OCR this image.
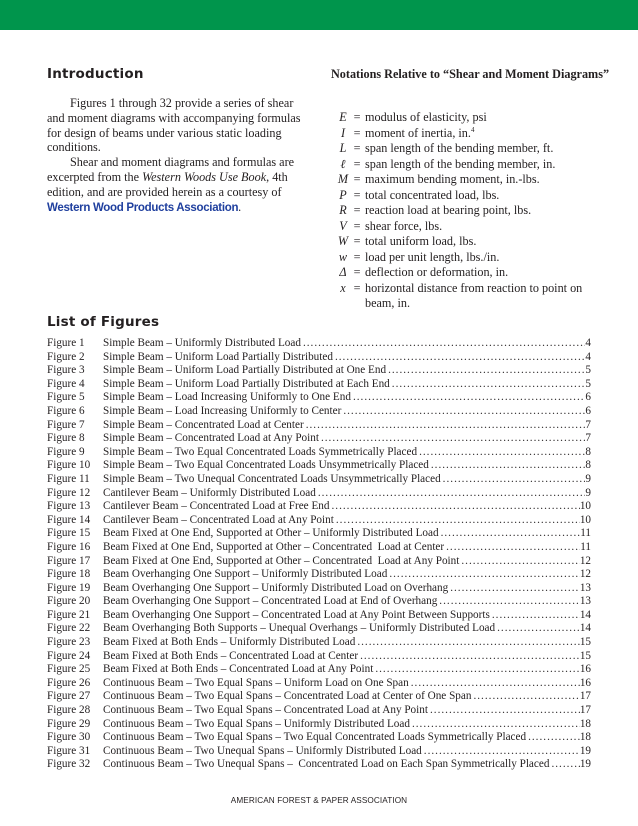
Introduction

Figures 1 through 32 provide a series of shear and moment diagrams with accompanying formulas for design of beams under various static loading conditions.

Shear and moment diagrams and formulas are excerpted from the Western Woods Use Book, 4th edition, and are provided herein as a courtesy of Western Wood Products Association.

Notations Relative to “Shear and Moment Diagrams”
E = modulus of elasticity, psi
I = moment of inertia, in.$^4$
L = span length of the bending member, ft.
ℓ = span length of the bending member, in.
M = maximum bending moment, in.-lbs.
P = total concentrated load, lbs.
R = reaction load at bearing point, lbs.
V = shear force, lbs.
W = total uniform load, lbs.
w = load per unit length, lbs./in.
Δ = deflection or deformation, in.
x = horizontal distance from reaction to point on beam, in.
List of Figures
Figure 1	Simple Beam – Uniformly Distributed Load .....	4
Figure 2	Simple Beam – Uniform Load Partially Distributed .....	4
Figure 3	Simple Beam – Uniform Load Partially Distributed at One End .....	5
Figure 4	Simple Beam – Uniform Load Partially Distributed at Each End .....	5
Figure 5	Simple Beam – Load Increasing Uniformly to One End .....	6
Figure 6	Simple Beam – Load Increasing Uniformly to Center .....	6
Figure 7	Simple Beam – Concentrated Load at Center .....	7
Figure 8	Simple Beam – Concentrated Load at Any Point .....	7
Figure 9	Simple Beam – Two Equal Concentrated Loads Symmetrically Placed .....	8
Figure 10	Simple Beam – Two Equal Concentrated Loads Unsymmetrically Placed .....	8
Figure 11	Simple Beam – Two Unequal Concentrated Loads Unsymmetrically Placed .....	9
Figure 12	Cantilever Beam – Uniformly Distributed Load .....	9
Figure 13	Cantilever Beam – Concentrated Load at Free End .....	10
Figure 14	Cantilever Beam – Concentrated Load at Any Point .....	10
Figure 15	Beam Fixed at One End, Supported at Other – Uniformly Distributed Load .....	11
Figure 16	Beam Fixed at One End, Supported at Other – Concentrated  Load at Center .....	11
Figure 17	Beam Fixed at One End, Supported at Other – Concentrated  Load at Any Point .....	12
Figure 18	Beam Overhanging One Support – Uniformly Distributed Load .....	12
Figure 19	Beam Overhanging One Support – Uniformly Distributed Load on Overhang .....	13
Figure 20	Beam Overhanging One Support – Concentrated Load at End of Overhang .....	13
Figure 21	Beam Overhanging One Support – Concentrated Load at Any Point Between Supports .....	14
Figure 22	Beam Overhanging Both Supports – Unequal Overhangs – Uniformly Distributed Load .....	14
Figure 23	Beam Fixed at Both Ends – Uniformly Distributed Load .....	15
Figure 24	Beam Fixed at Both Ends – Concentrated Load at Center .....	15
Figure 25	Beam Fixed at Both Ends – Concentrated Load at Any Point .....	16
Figure 26	Continuous Beam – Two Equal Spans – Uniform Load on One Span .....	16
Figure 27	Continuous Beam – Two Equal Spans – Concentrated Load at Center of One Span .....	17
Figure 28	Continuous Beam – Two Equal Spans – Concentrated Load at Any Point .....	17
Figure 29	Continuous Beam – Two Equal Spans – Uniformly Distributed Load .....	18
Figure 30	Continuous Beam – Two Equal Spans – Two Equal Concentrated Loads Symmetrically Placed .....	18
Figure 31	Continuous Beam – Two Unequal Spans – Uniformly Distributed Load .....	19
Figure 32	Continuous Beam – Two Unequal Spans –  Concentrated Load on Each Span Symmetrically Placed .....	19
AMERICAN FOREST & PAPER ASSOCIATION
